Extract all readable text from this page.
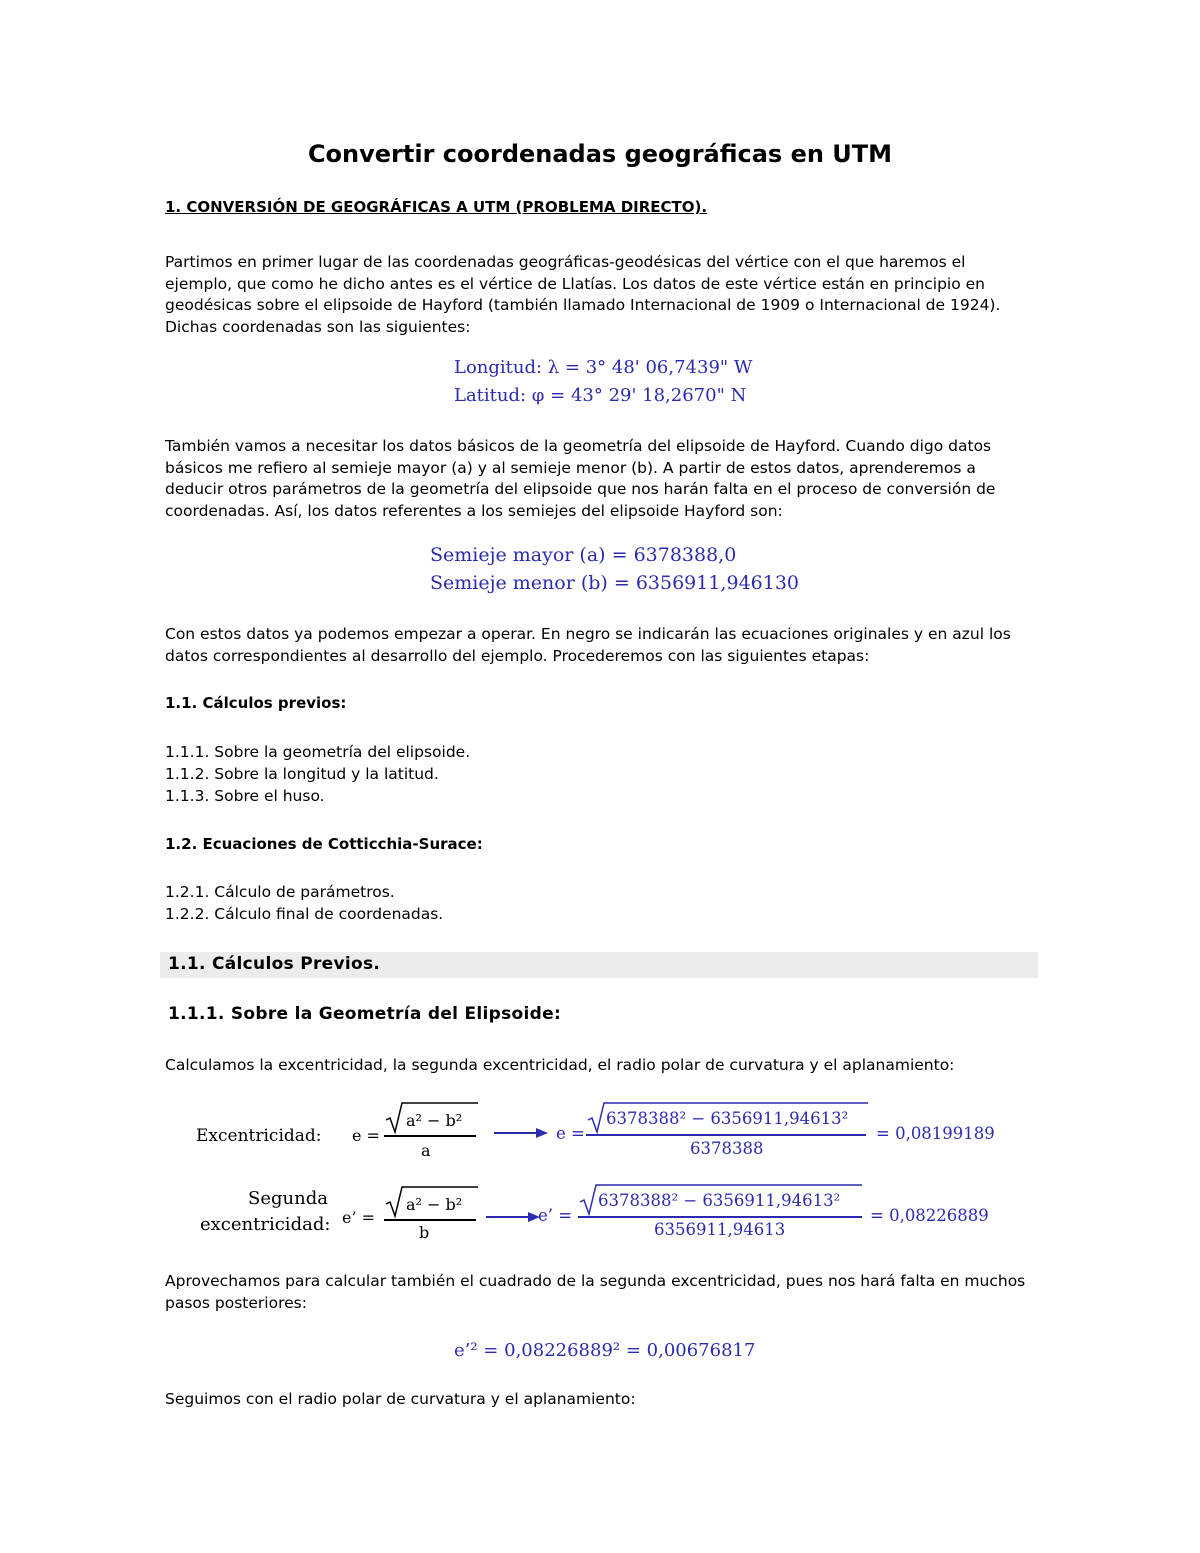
Convertir coordenadas geográficas en UTM
1. CONVERSIÓN DE GEOGRÁFICAS A UTM (PROBLEMA DIRECTO).
Partimos en primer lugar de las coordenadas geográficas-geodésicas del vértice con el que haremos el
ejemplo, que como he dicho antes es el vértice de Llatías. Los datos de este vértice están en principio en
geodésicas sobre el elipsoide de Hayford (también llamado Internacional de 1909 o Internacional de 1924).
Dichas coordenadas son las siguientes:
Longitud: λ = 3° 48' 06,7439" W
Latitud: φ = 43° 29' 18,2670" N
También vamos a necesitar los datos básicos de la geometría del elipsoide de Hayford. Cuando digo datos
básicos me refiero al semieje mayor (a) y al semieje menor (b). A partir de estos datos, aprenderemos a
deducir otros parámetros de la geometría del elipsoide que nos harán falta en el proceso de conversión de
coordenadas. Así, los datos referentes a los semiejes del elipsoide Hayford son:
Semieje mayor (a) = 6378388,0
Semieje menor (b) = 6356911,946130
Con estos datos ya podemos empezar a operar. En negro se indicarán las ecuaciones originales y en azul los
datos correspondientes al desarrollo del ejemplo. Procederemos con las siguientes etapas:
1.1. Cálculos previos:
1.1.1. Sobre la geometría del elipsoide.
1.1.2. Sobre la longitud y la latitud.
1.1.3. Sobre el huso.
1.2. Ecuaciones de Cotticchia-Surace:
1.2.1. Cálculo de parámetros.
1.2.2. Cálculo final de coordenadas.
1.1. Cálculos Previos.
1.1.1. Sobre la Geometría del Elipsoide:
Calculamos la excentricidad, la segunda excentricidad, el radio polar de curvatura y el aplanamiento:
Excentricidad: e =
a² − b²
a
e =
6378388² − 6356911,94613²
6378388
= 0,08199189
Segunda
excentricidad: e’ =
a² − b²
b
e’ =
6378388² − 6356911,94613²
6356911,94613
= 0,08226889
Aprovechamos para calcular también el cuadrado de la segunda excentricidad, pues nos hará falta en muchos
pasos posteriores:
e’² = 0,08226889² = 0,00676817
Seguimos con el radio polar de curvatura y el aplanamiento:
